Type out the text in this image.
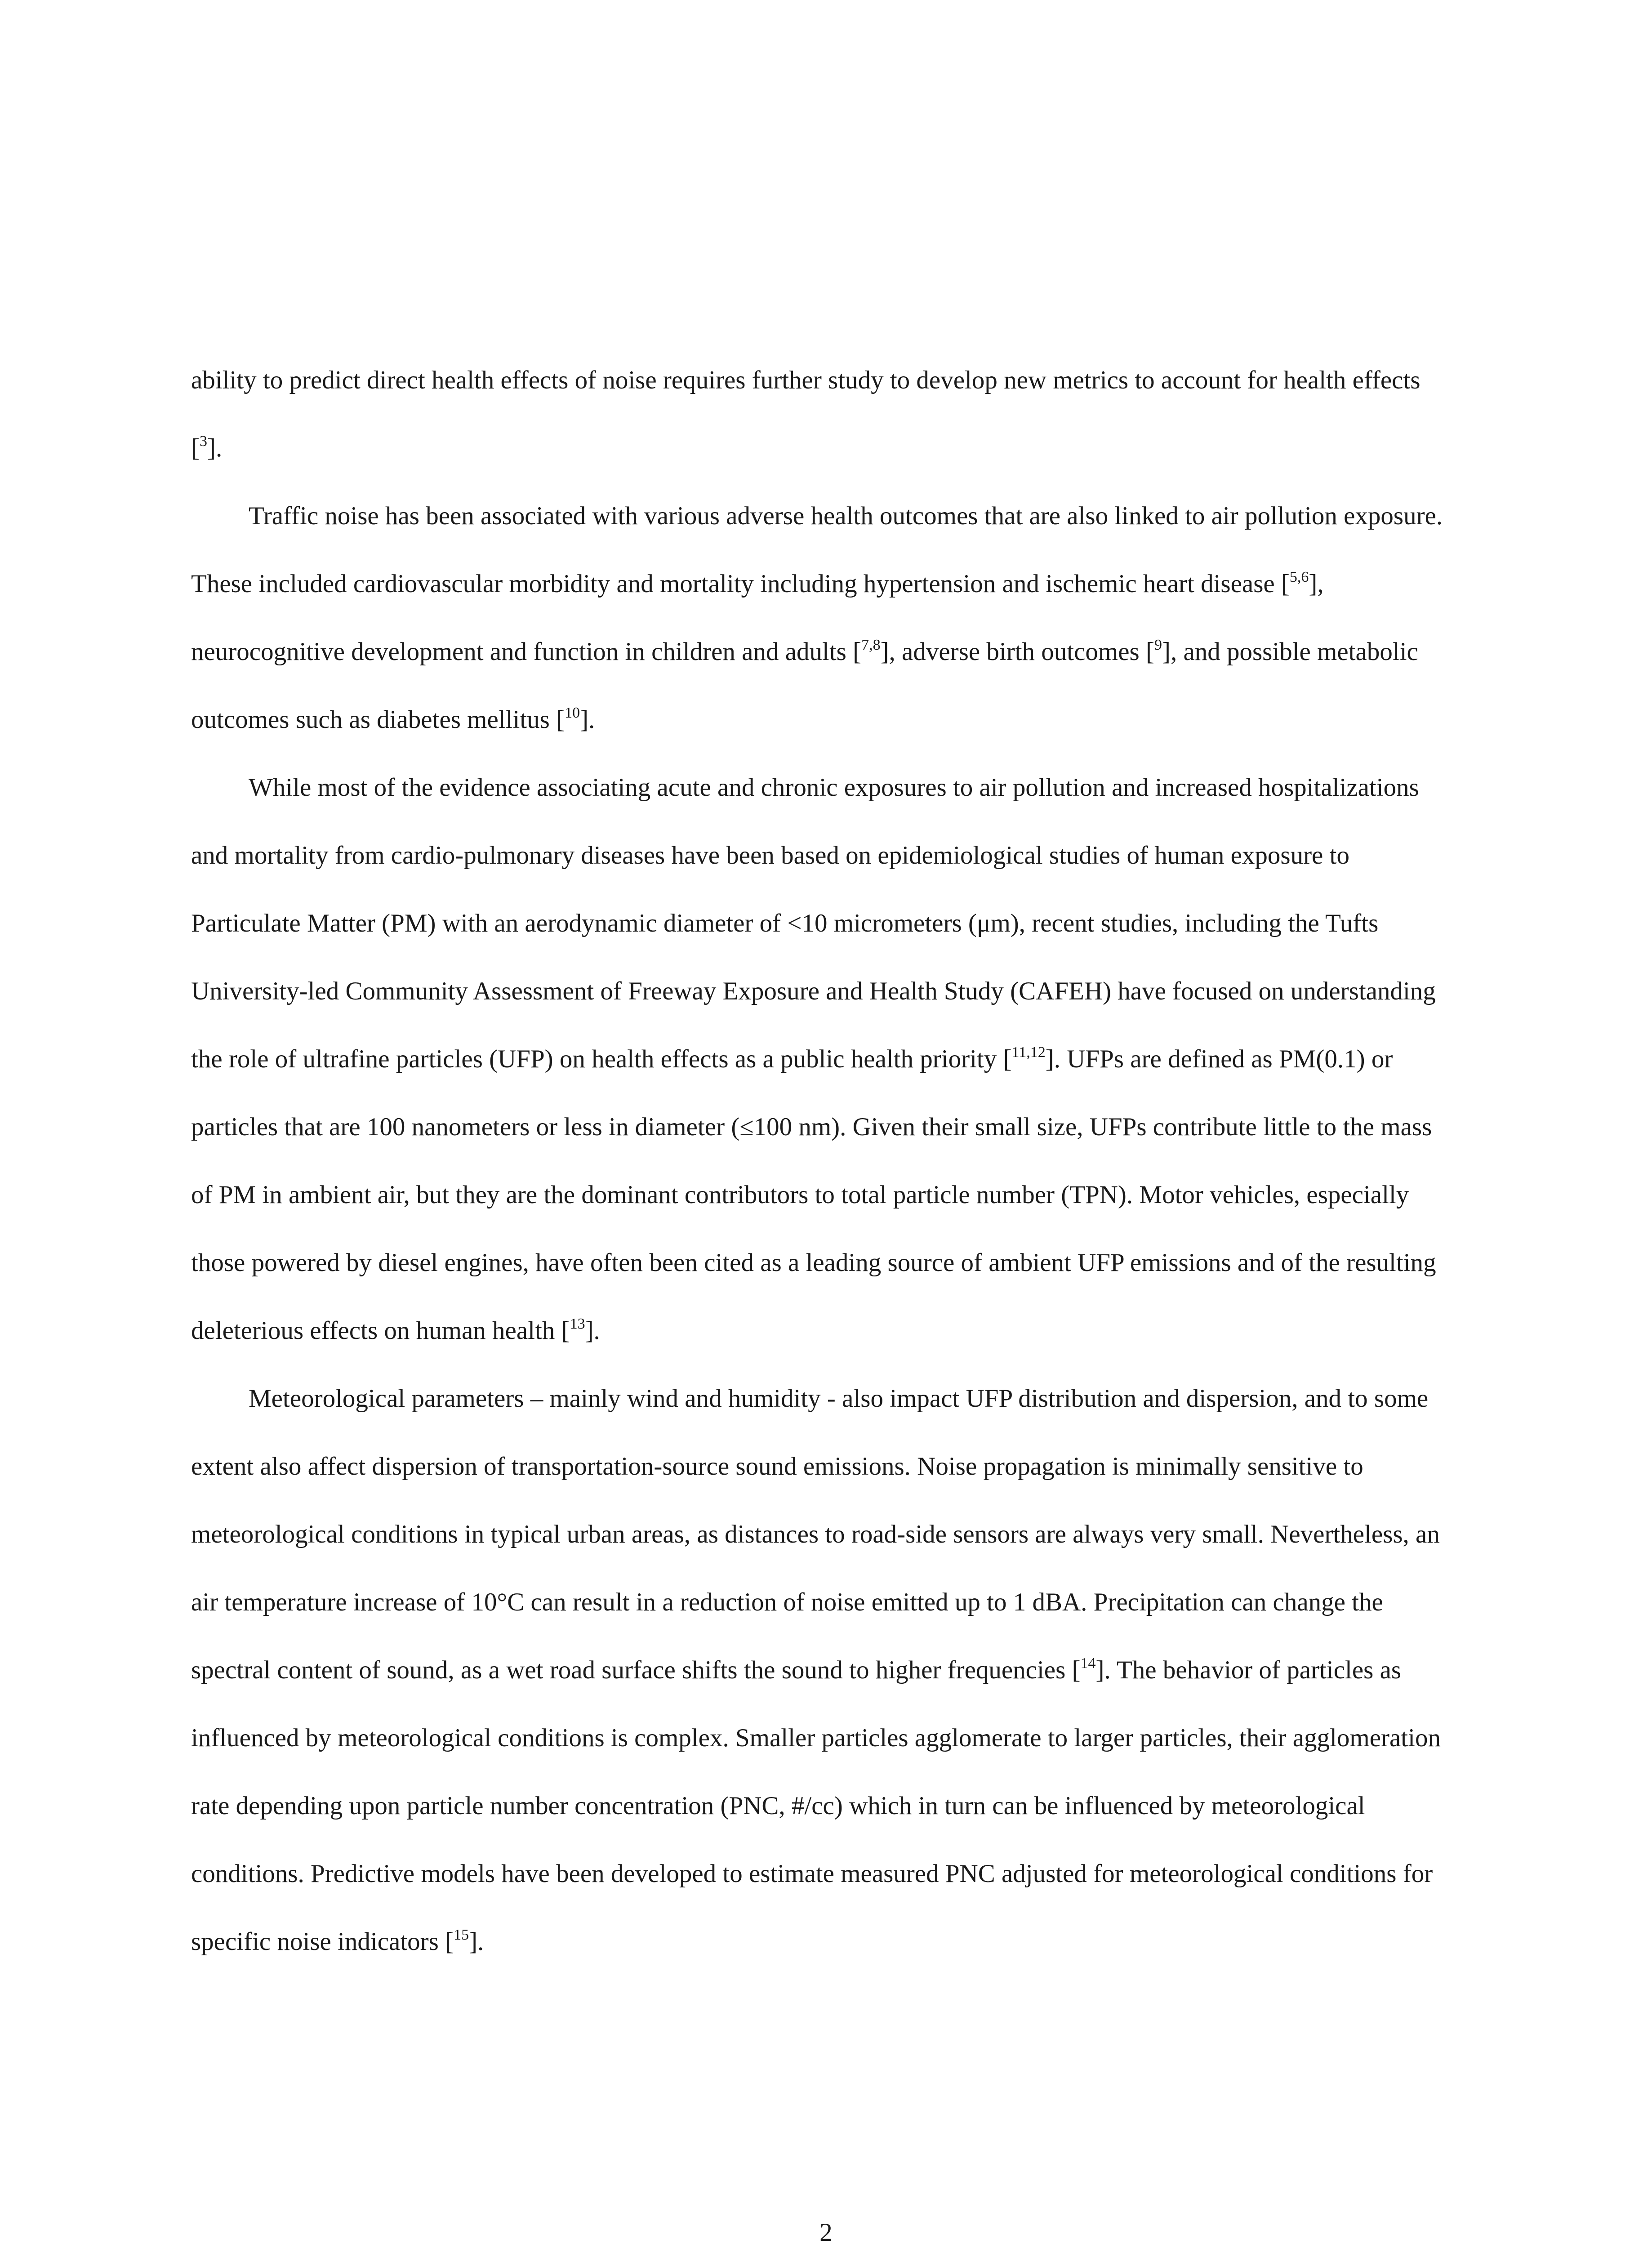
ability to predict direct health effects of noise requires further study to develop new metrics to account for health effects [$^3$].

Traffic noise has been associated with various adverse health outcomes that are also linked to air pollution exposure. These included cardiovascular morbidity and mortality including hypertension and ischemic heart disease [$^{5,6}$], neurocognitive development and function in children and adults [$^{7,8}$], adverse birth outcomes [$^9$], and possible metabolic outcomes such as diabetes mellitus [$^{10}$].

While most of the evidence associating acute and chronic exposures to air pollution and increased hospitalizations and mortality from cardio-pulmonary diseases have been based on epidemiological studies of human exposure to Particulate Matter (PM) with an aerodynamic diameter of <10 micrometers (μm), recent studies, including the Tufts University-led Community Assessment of Freeway Exposure and Health Study (CAFEH) have focused on understanding the role of ultrafine particles (UFP) on health effects as a public health priority [$^{11,12}$]. UFPs are defined as PM(0.1) or particles that are 100 nanometers or less in diameter (≤100 nm). Given their small size, UFPs contribute little to the mass of PM in ambient air, but they are the dominant contributors to total particle number (TPN). Motor vehicles, especially those powered by diesel engines, have often been cited as a leading source of ambient UFP emissions and of the resulting deleterious effects on human health [$^{13}$].

Meteorological parameters – mainly wind and humidity - also impact UFP distribution and dispersion, and to some extent also affect dispersion of transportation-source sound emissions. Noise propagation is minimally sensitive to meteorological conditions in typical urban areas, as distances to road-side sensors are always very small. Nevertheless, an air temperature increase of 10°C can result in a reduction of noise emitted up to 1 dBA. Precipitation can change the spectral content of sound, as a wet road surface shifts the sound to higher frequencies [$^{14}$]. The behavior of particles as influenced by meteorological conditions is complex. Smaller particles agglomerate to larger particles, their agglomeration rate depending upon particle number concentration (PNC, #/cc) which in turn can be influenced by meteorological conditions. Predictive models have been developed to estimate measured PNC adjusted for meteorological conditions for specific noise indicators [$^{15}$].

2
